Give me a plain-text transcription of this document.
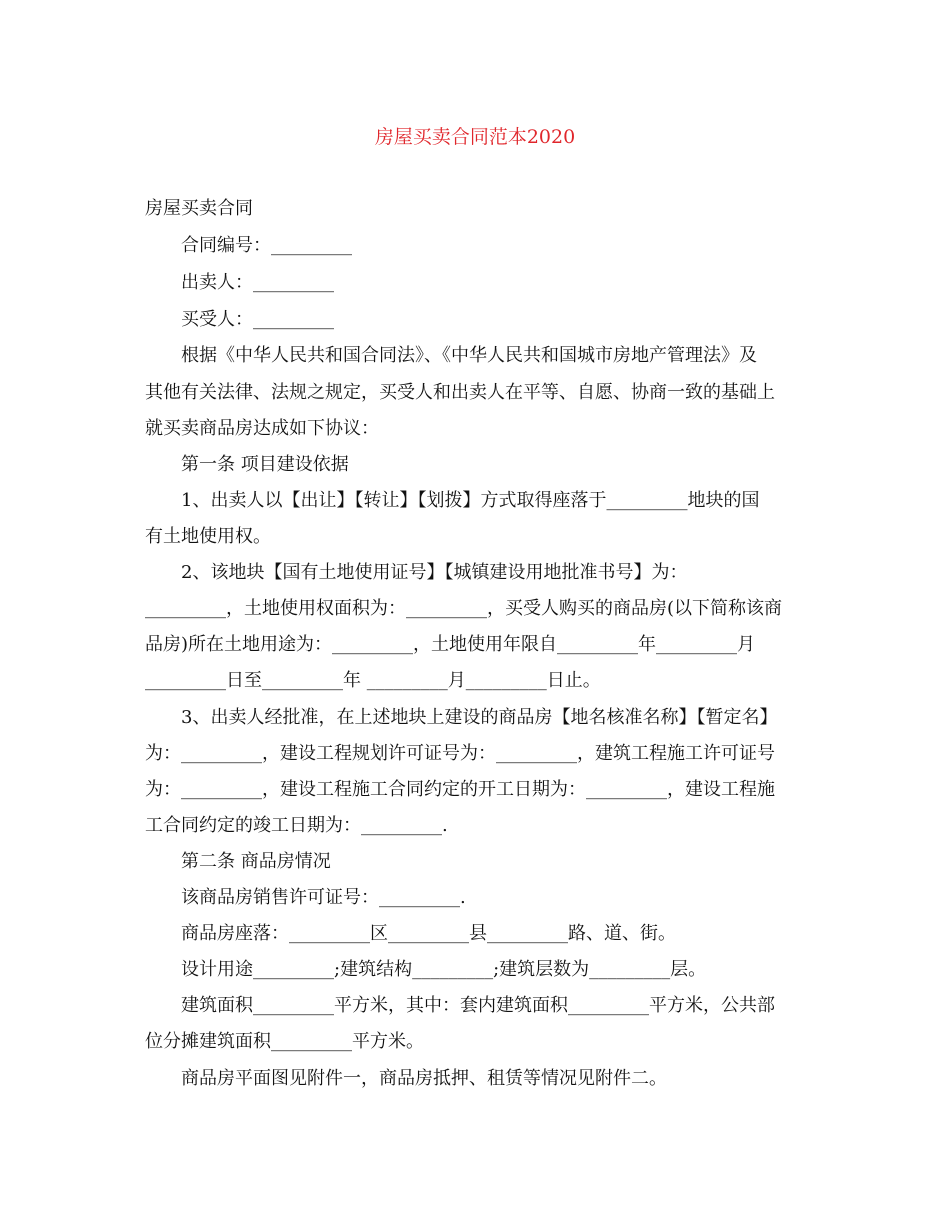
房屋买卖合同范本2020
房屋买卖合同
合同编号：_________
出卖人：_________
买受人：_________
根据《中华人民共和国合同法》、《中华人民共和国城市房地产管理法》及
其他有关法律、法规之规定，买受人和出卖人在平等、自愿、协商一致的基础上
就买卖商品房达成如下协议：
第一条 项目建设依据
1、出卖人以【出让】【转让】【划拨】方式取得座落于_________地块的国
有土地使用权。
2、该地块【国有土地使用证号】【城镇建设用地批准书号】为：
_________，土地使用权面积为：_________，买受人购买的商品房(以下简称该商
品房)所在土地用途为：_________，土地使用年限自_________年_________月
_________日至_________年 _________月_________日止。
3、出卖人经批准，在上述地块上建设的商品房【地名核准名称】【暂定名】
为：_________，建设工程规划许可证号为：_________，建筑工程施工许可证号
为：_________，建设工程施工合同约定的开工日期为：_________，建设工程施
工合同约定的竣工日期为：_________.
第二条 商品房情况
该商品房销售许可证号：_________.
商品房座落：_________区_________县_________路、道、街。
设计用途_________;建筑结构_________;建筑层数为_________层。
建筑面积_________平方米，其中：套内建筑面积_________平方米，公共部
位分摊建筑面积_________平方米。
商品房平面图见附件一，商品房抵押、租赁等情况见附件二。
